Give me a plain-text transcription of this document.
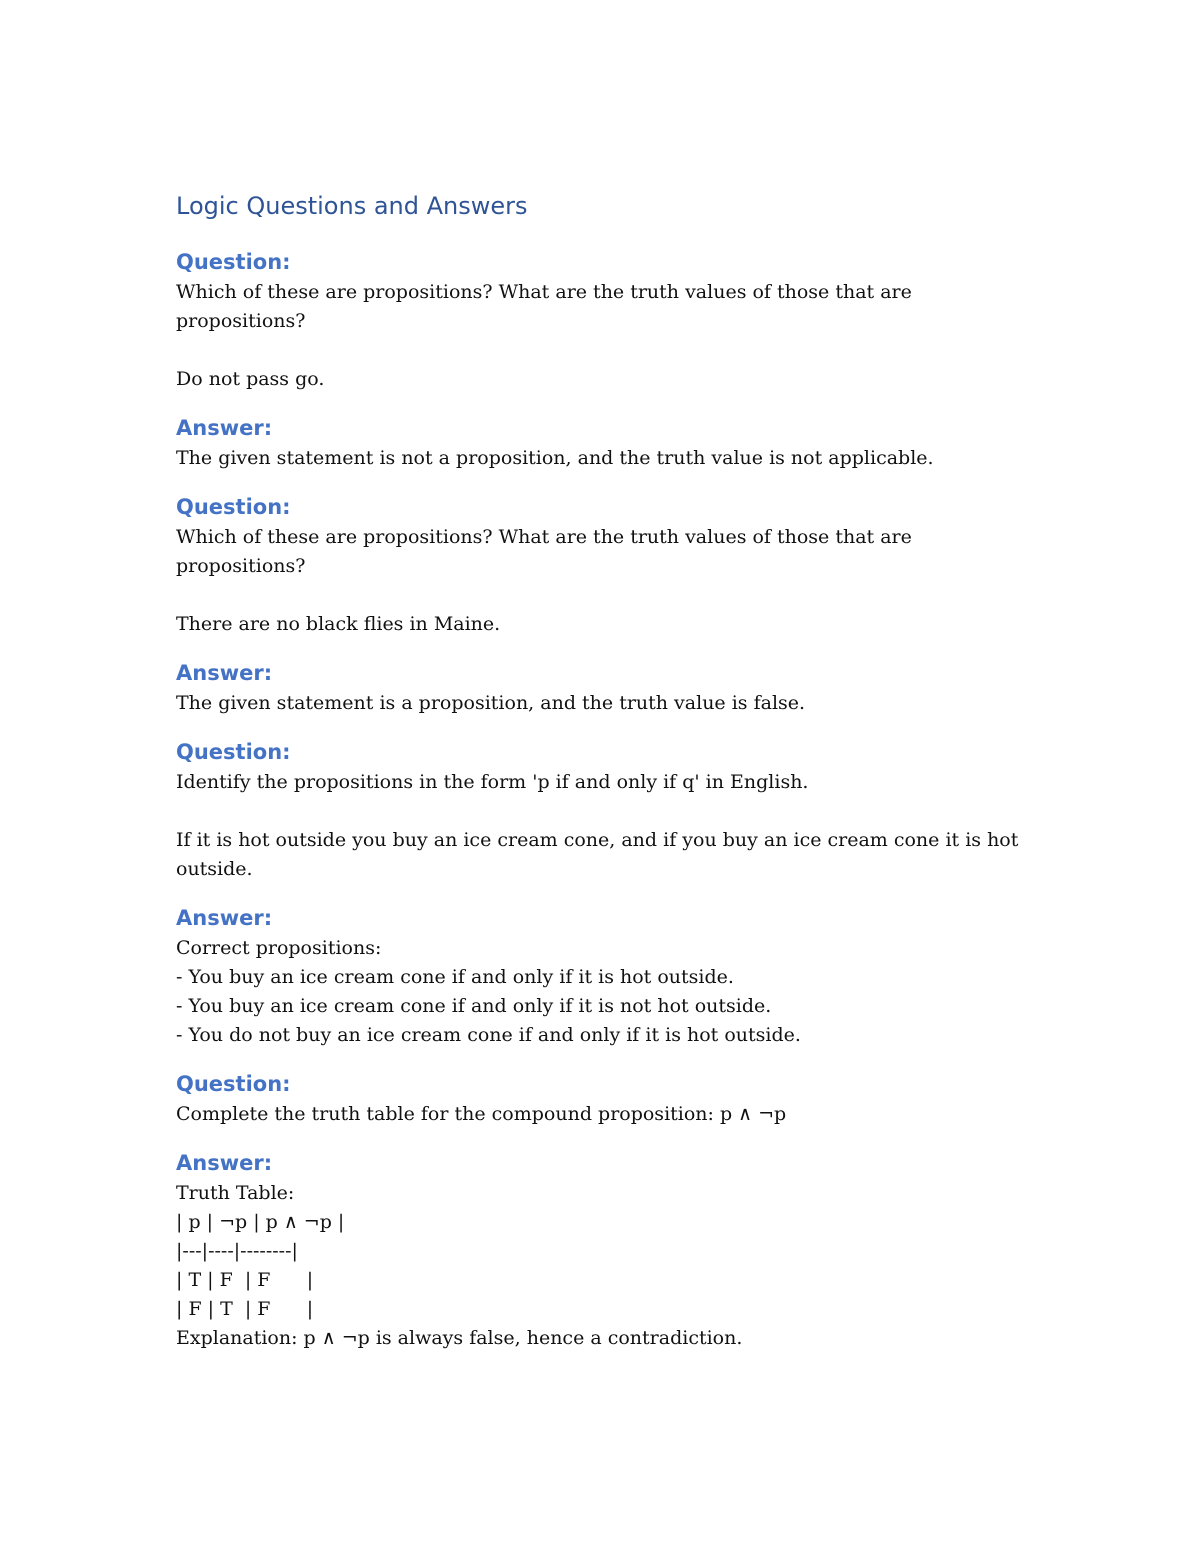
Logic Questions and Answers
Question:

Which of these are propositions? What are the truth values of those that are propositions?

Do not pass go.

Answer:

The given statement is not a proposition, and the truth value is not applicable.

Question:

Which of these are propositions? What are the truth values of those that are propositions?

There are no black flies in Maine.

Answer:

The given statement is a proposition, and the truth value is false.

Question:

Identify the propositions in the form 'p if and only if q' in English.

If it is hot outside you buy an ice cream cone, and if you buy an ice cream cone it is hot

outside.

Answer:

Correct propositions:

- You buy an ice cream cone if and only if it is hot outside.

- You buy an ice cream cone if and only if it is not hot outside.

- You do not buy an ice cream cone if and only if it is hot outside.

Question:

Complete the truth table for the compound proposition: p ∧ ¬p

Answer:

Truth Table:

| p | ¬p | p ∧ ¬p |

|---|----|--------|

| T | F  | F      |

| F | T  | F      |

Explanation: p ∧ ¬p is always false, hence a contradiction.
